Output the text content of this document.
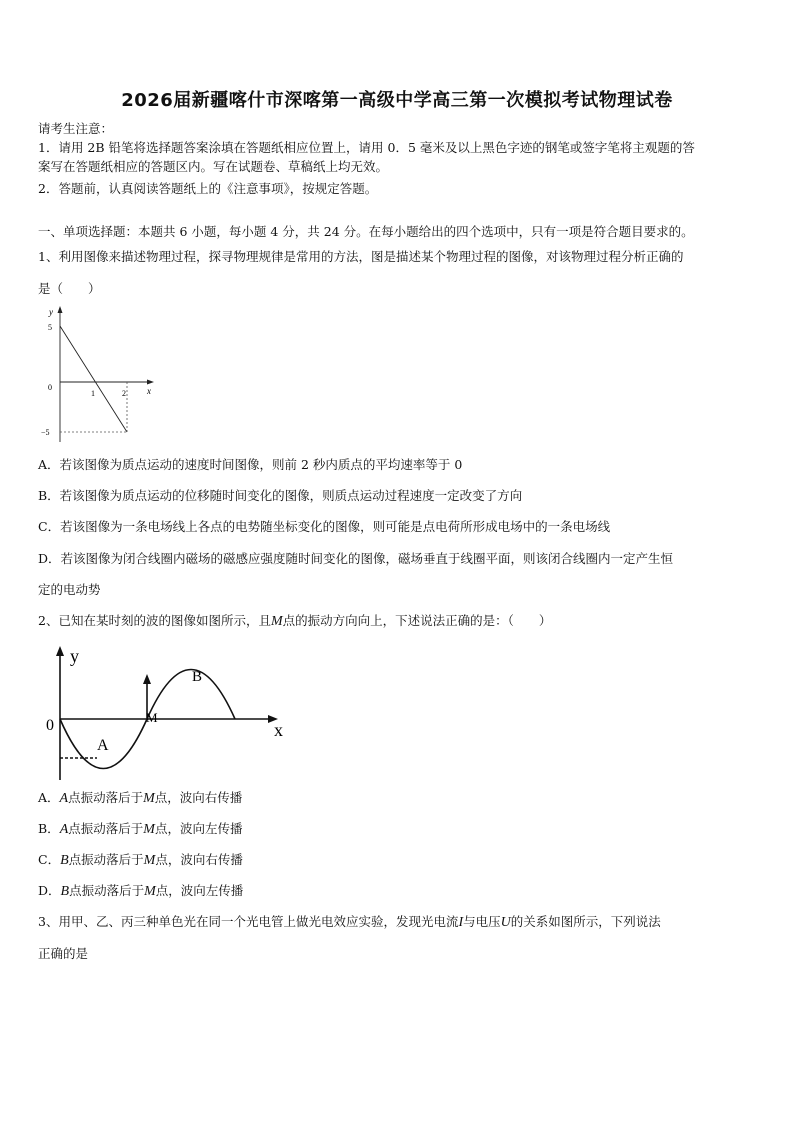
2026届新疆喀什市深喀第一高级中学高三第一次模拟考试物理试卷
请考生注意：
1．请用 2B 铅笔将选择题答案涂填在答题纸相应位置上，请用 0．5 毫米及以上黑色字迹的钢笔或签字笔将主观题的答
案写在答题纸相应的答题区内。写在试题卷、草稿纸上均无效。
2．答题前，认真阅读答题纸上的《注意事项》，按规定答题。
一、单项选择题：本题共 6 小题，每小题 4 分，共 24 分。在每小题给出的四个选项中，只有一项是符合题目要求的。
1、利用图像来描述物理过程，探寻物理规律是常用的方法，图是描述某个物理过程的图像，对该物理过程分析正确的
是（　　）
y
x
5
0
−5
1	2
A．若该图像为质点运动的速度时间图像，则前 2 秒内质点的平均速率等于 0
B．若该图像为质点运动的位移随时间变化的图像，则质点运动过程速度一定改变了方向
C．若该图像为一条电场线上各点的电势随坐标变化的图像，则可能是点电荷所形成电场中的一条电场线
D．若该图像为闭合线圈内磁场的磁感应强度随时间变化的图像，磁场垂直于线圈平面，则该闭合线圈内一定产生恒
定的电动势
2、已知在某时刻的波的图像如图所示，且M点的振动方向向上，下述说法正确的是：（　　）
y
x
0
A
B
M
A．A点振动落后于M点，波向右传播
B．A点振动落后于M点，波向左传播
C．B点振动落后于M点，波向右传播
D．B点振动落后于M点，波向左传播
3、用甲、乙、丙三种单色光在同一个光电管上做光电效应实验，发现光电流I与电压U的关系如图所示，下列说法
正确的是
